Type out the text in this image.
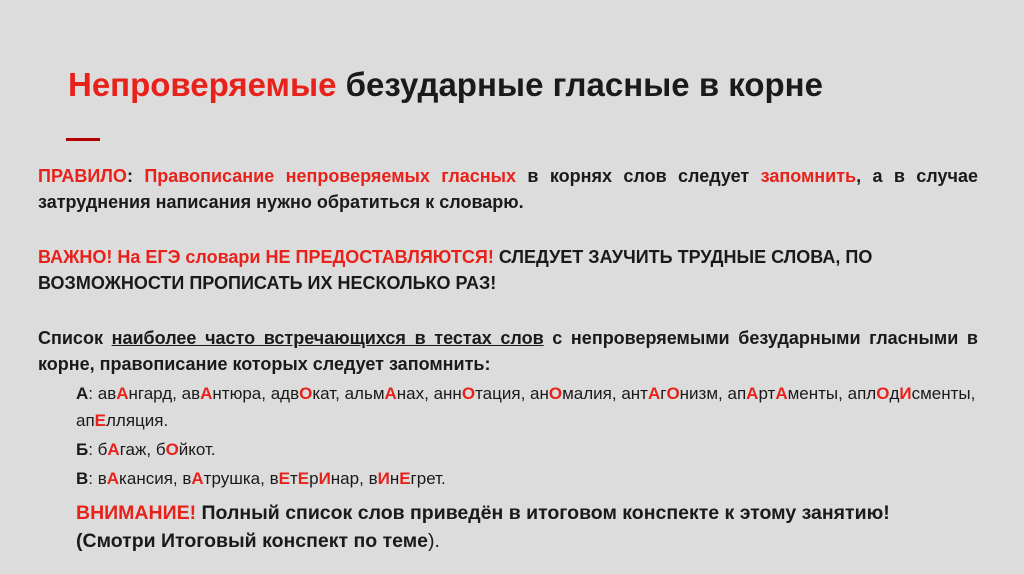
Непроверяемые безударные гласные в корне
ПРАВИЛО: Правописание непроверяемых гласных в корнях слов следует запомнить, а в случае затруднения написания нужно обратиться к словарю.
ВАЖНО! На ЕГЭ словари НЕ ПРЕДОСТАВЛЯЮТСЯ! СЛЕДУЕТ ЗАУЧИТЬ ТРУДНЫЕ СЛОВА, ПО ВОЗМОЖНОСТИ ПРОПИСАТЬ ИХ НЕСКОЛЬКО РАЗ!
Список наиболее часто встречающихся в тестах слов с непроверяемыми безударными гласными в корне, правописание которых следует запомнить:
А: авАнгард, авАнтюра, адвОкат, альмАнах, аннОтация, анОмалия, антАгОнизм, апАртАменты, аплОдИсменты, апЕлляция.
Б: бАгаж, бОйкот.
В: вАкансия, вАтрушка, вЕтЕрИнар, вИнЕгрет.
ВНИМАНИЕ! Полный список слов приведён в итоговом конспекте к этому занятию! (Смотри Итоговый конспект по теме).
